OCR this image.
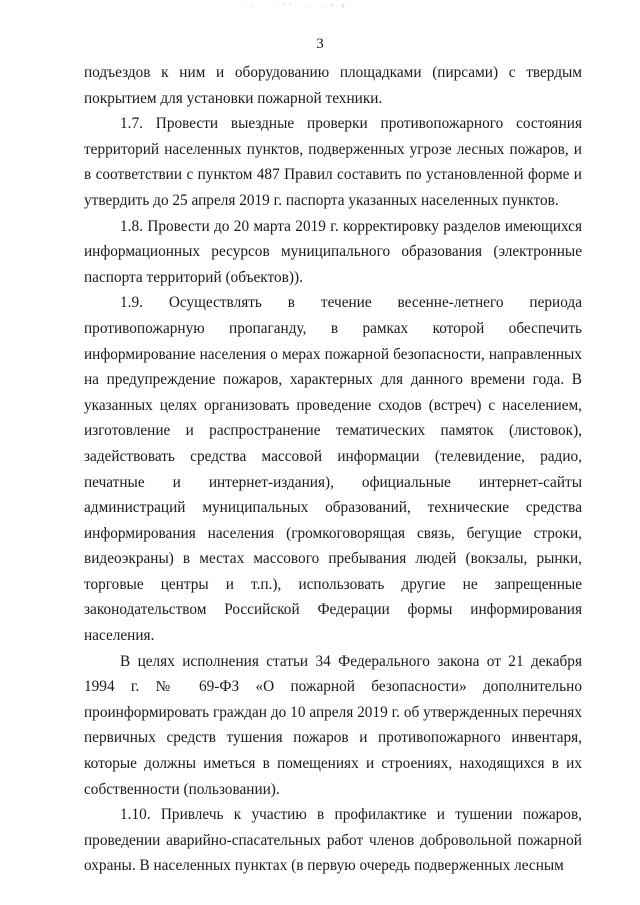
· .- ·.··ᐟᐟ· ·.···ᵛ·ᵍ··
3

подъездов к ним и оборудованию площадками (пирсами) с твердым покрытием для установки пожарной техники.

1.7. Провести выездные проверки противопожарного состояния территорий населенных пунктов, подверженных угрозе лесных пожаров, и в соответствии с пунктом 487 Правил составить по установленной форме и утвердить до 25 апреля 2019 г. паспорта указанных населенных пунктов.

1.8. Провести до 20 марта 2019 г. корректировку разделов имеющихся информационных ресурсов муниципального образования (электронные паспорта территорий (объектов)).

1.9. Осуществлять в течение весенне-летнего периода противопожарную пропаганду, в рамках которой обеспечить информирование населения о мерах пожарной безопасности, направленных на предупреждение пожаров, характерных для данного времени года. В указанных целях организовать проведение сходов (встреч) с населением, изготовление и распространение тематических памяток (листовок), задействовать средства массовой информации (телевидение, радио, печатные и интернет-издания), официальные интернет-сайты администраций муниципальных образований, технические средства информирования населения (громкоговорящая связь, бегущие строки, видеоэкраны) в местах массового пребывания людей (вокзалы, рынки, торговые центры и т.п.), использовать другие не запрещенные законодательством Российской Федерации формы информирования населения.

В целях исполнения статьи 34 Федерального закона от 21 декабря 1994 г. № 69-ФЗ «О пожарной безопасности» дополнительно проинформировать граждан до 10 апреля 2019 г. об утвержденных перечнях первичных средств тушения пожаров и противопожарного инвентаря, которые должны иметься в помещениях и строениях, находящихся в их собственности (пользовании).

1.10. Привлечь к участию в профилактике и тушении пожаров, проведении аварийно-спасательных работ членов добровольной пожарной охраны. В населенных пунктах (в первую очередь подверженных лесным
